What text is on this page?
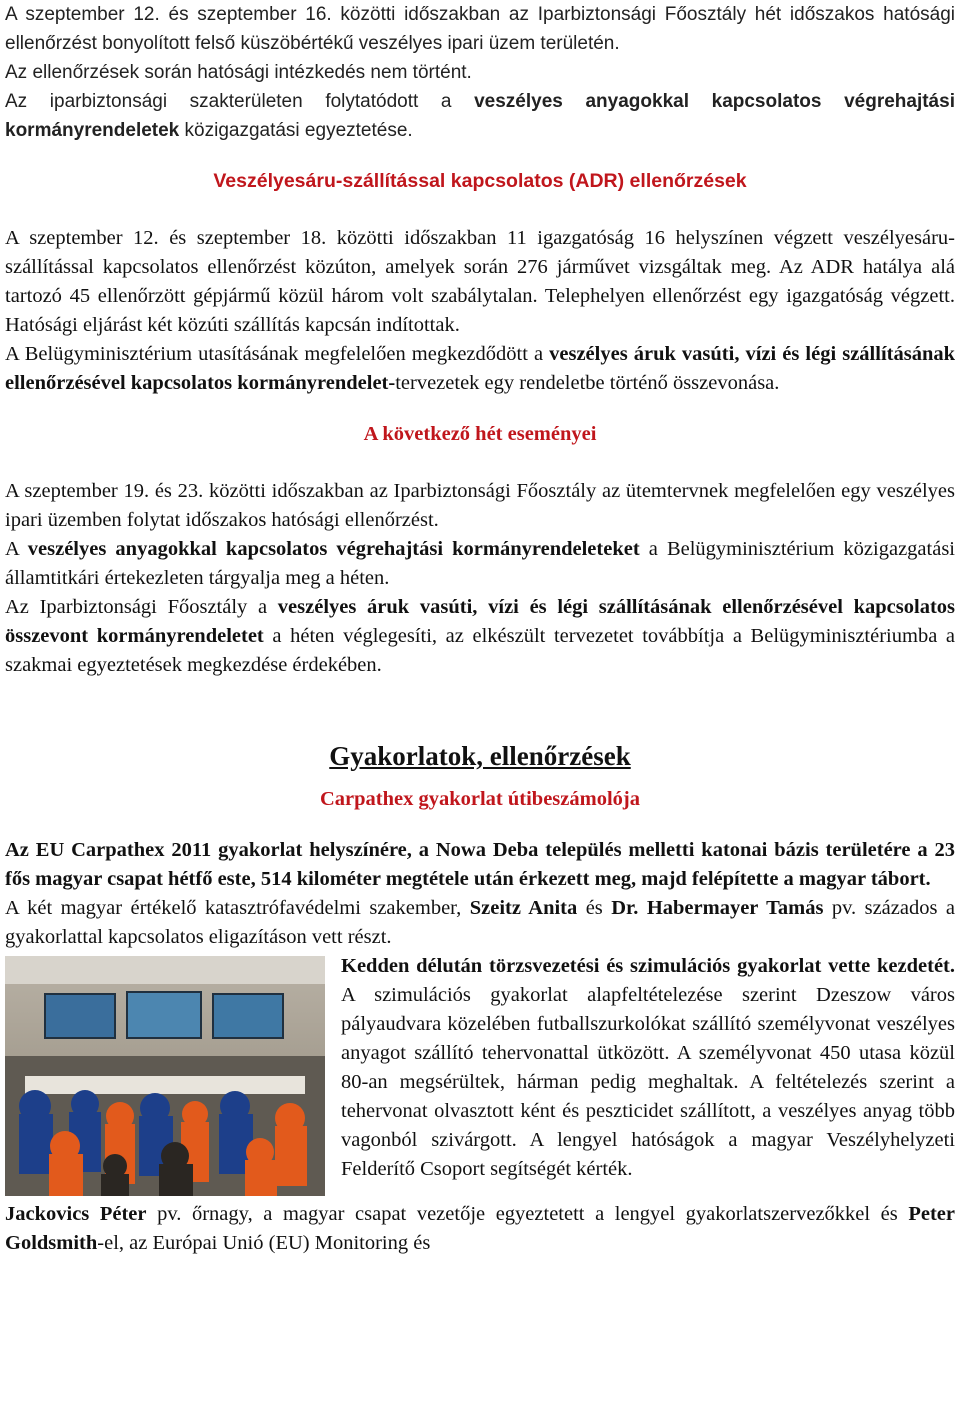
A szeptember 12. és szeptember 16. közötti időszakban az Iparbiztonsági Főosztály hét időszakos hatósági ellenőrzést bonyolított felső küszöbértékű veszélyes ipari üzem területén.

Az ellenőrzések során hatósági intézkedés nem történt.

Az iparbiztonsági szakterületen folytatódott a veszélyes anyagokkal kapcsolatos végrehajtási kormányrendeletek közigazgatási egyeztetése.

Veszélyesáru-szállítással kapcsolatos (ADR) ellenőrzések

A szeptember 12. és szeptember 18. közötti időszakban 11 igazgatóság 16 helyszínen végzett veszélyesáru-szállítással kapcsolatos ellenőrzést közúton, amelyek során 276 járművet vizsgáltak meg. Az ADR hatálya alá tartozó 45 ellenőrzött gépjármű közül három volt szabálytalan. Telephelyen ellenőrzést egy igazgatóság végzett. Hatósági eljárást két közúti szállítás kapcsán indítottak.

A Belügyminisztérium utasításának megfelelően megkezdődött a veszélyes áruk vasúti, vízi és légi szállításának ellenőrzésével kapcsolatos kormányrendelet-tervezetek egy rendeletbe történő összevonása.

A következő hét eseményei

A szeptember 19. és 23. közötti időszakban az Iparbiztonsági Főosztály az ütemtervnek megfelelően egy veszélyes ipari üzemben folytat időszakos hatósági ellenőrzést.

A veszélyes anyagokkal kapcsolatos végrehajtási kormányrendeleteket a Belügyminisztérium közigazgatási államtitkári értekezleten tárgyalja meg a héten.

Az Iparbiztonsági Főosztály a veszélyes áruk vasúti, vízi és légi szállításának ellenőrzésével kapcsolatos összevont kormányrendeletet a héten véglegesíti, az elkészült tervezetet továbbítja a Belügyminisztériumba a szakmai egyeztetések megkezdése érdekében.

Gyakorlatok, ellenőrzések

Carpathex gyakorlat útibeszámolója

Az EU Carpathex 2011 gyakorlat helyszínére, a Nowa Deba település melletti katonai bázis területére a 23 fős magyar csapat hétfő este, 514 kilométer megtétele után érkezett meg, majd felépítette a magyar tábort.

A két magyar értékelő katasztrófavédelmi szakember, Szeitz Anita és Dr. Habermayer Tamás pv. százados a gyakorlattal kapcsolatos eligazításon vett részt.

Kedden délután törzsvezetési és szimulációs gyakorlat vette kezdetét. A szimulációs gyakorlat alapfeltételezése szerint Dzeszow város pályaudvara közelében futballszurkolókat szállító személyvonat veszélyes anyagot szállító tehervonattal ütközött. A személyvonat 450 utasa közül 80-an megsérültek, hárman pedig meghaltak. A feltételezés szerint a tehervonat olvasztott ként és peszticidet szállított, a veszélyes anyag több vagonból szivárgott. A lengyel hatóságok a magyar Veszélyhelyzeti Felderítő Csoport segítségét kérték.

Jackovics Péter pv. őrnagy, a magyar csapat vezetője egyeztetett a lengyel gyakorlatszervezőkkel és Peter Goldsmith-el, az Európai Unió (EU) Monitoring és
